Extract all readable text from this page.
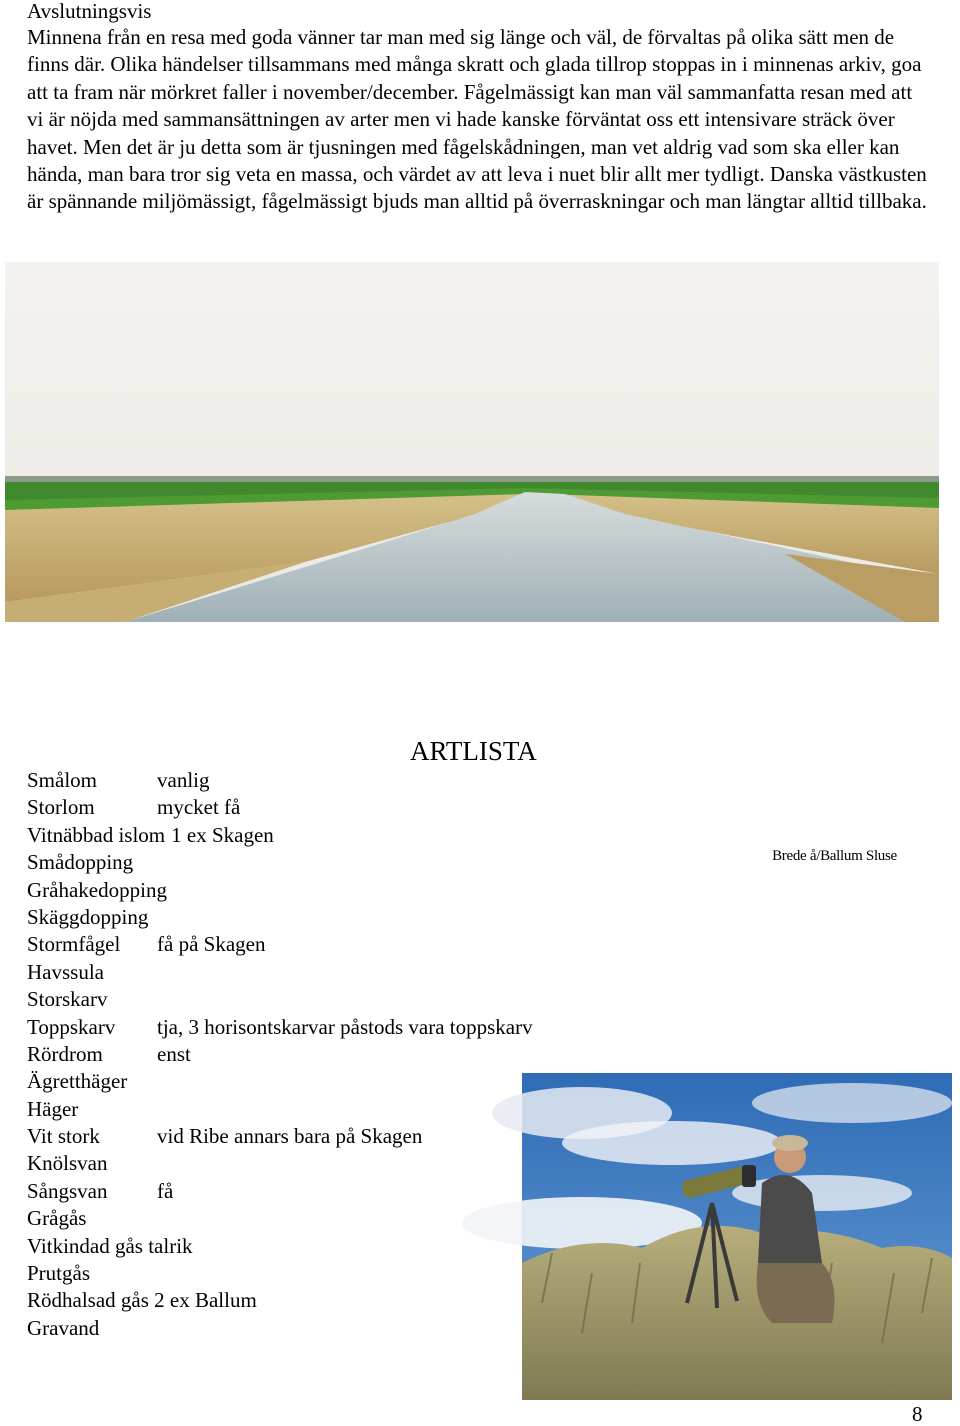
Avslutningsvis

Minnena från en resa med goda vänner tar man med sig länge och väl, de förvaltas på olika sätt men de finns där. Olika händelser tillsammans med många skratt och glada tillrop stoppas in i minnenas arkiv, goa att ta fram när mörkret faller i november/december. Fågelmässigt kan man väl sammanfatta resan med att vi är nöjda med sammansättningen av arter men vi hade kanske förväntat oss ett intensivare sträck över havet. Men det är ju detta som är tjusningen med fågelskådningen, man vet aldrig vad som ska eller kan hända, man bara tror sig veta en massa, och värdet av att leva i nuet blir allt mer tydligt. Danska västkusten är spännande miljömässigt, fågelmässigt bjuds man alltid på överraskningar och man längtar alltid tillbaka.

Brede å/Ballum Sluse
ARTLISTA
Smålom	vanlig
Storlom	mycket få
Vitnäbbad islom 1 ex Skagen
Smådopping
Gråhakedopping
Skäggdopping
Stormfågel få på Skagen
Havssula
Storskarv
Toppskarv tja, 3 horisontskarvar påstods vara toppskarv
Rördrom	enst
Ägretthäger
Häger
Vit stork	vid Ribe annars bara på Skagen
Knölsvan
Sångsvan få
Grågås
Vitkindad gås talrik
Prutgås
Rödhalsad gås 2 ex Ballum
Gravand
8
